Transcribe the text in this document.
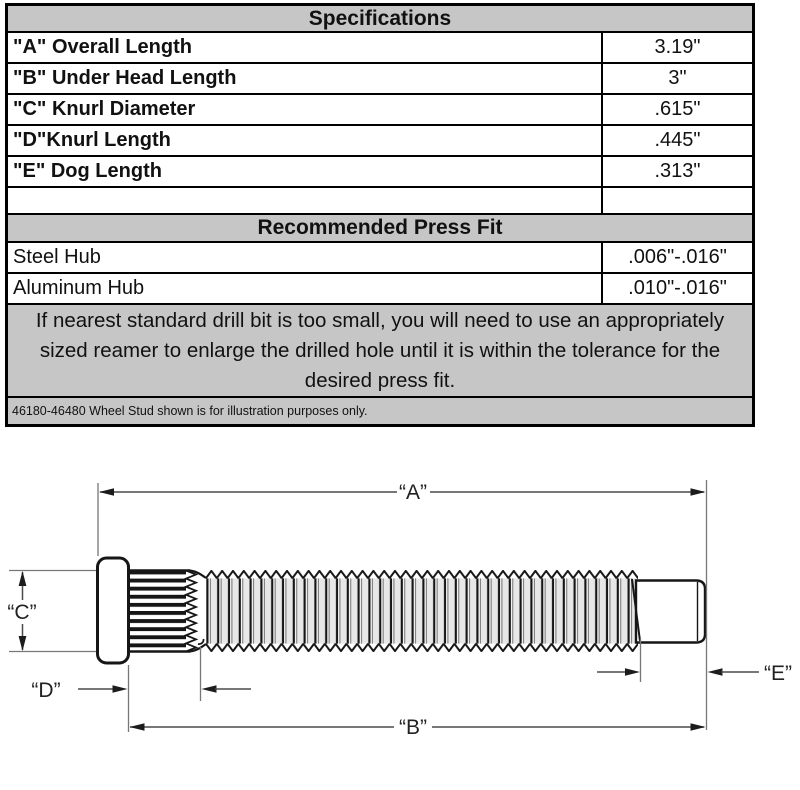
Specifications
"A" Overall Length	3.19"
"B" Under Head Length	3"
"C" Knurl Diameter	.615"
"D"Knurl Length	.445"
"E" Dog Length	.313"
Recommended Press Fit
Steel Hub	.006"-.016"
Aluminum Hub	.010"-.016"
If nearest standard drill bit is too small, you will need to use an appropriately sized reamer to enlarge the drilled hole until it is within the tolerance for the desired press fit.
46180-46480 Wheel Stud shown is for illustration purposes only.
“A”
“B”
“C”
“D”
“E”
